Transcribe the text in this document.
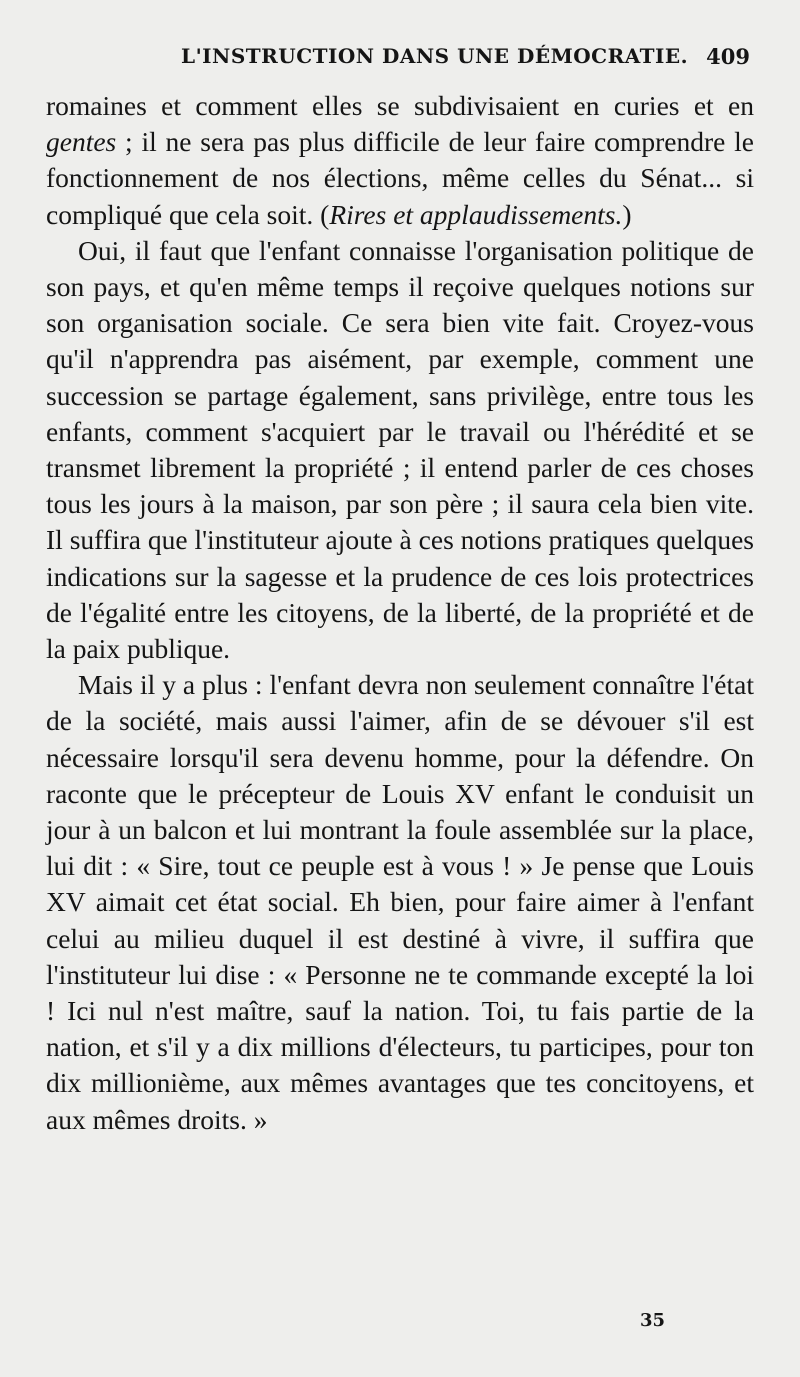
L'INSTRUCTION DANS UNE DÉMOCRATIE. 409

romaines et comment elles se subdivisaient en curies et en gentes ; il ne sera pas plus difficile de leur faire comprendre le fonctionnement de nos élections, même celles du Sénat... si compliqué que cela soit. (Rires et applaudissements.)

Oui, il faut que l'enfant connaisse l'organisation politique de son pays, et qu'en même temps il reçoive quelques notions sur son organisation sociale. Ce sera bien vite fait. Croyez-vous qu'il n'apprendra pas aisément, par exemple, comment une succession se partage également, sans privilège, entre tous les enfants, comment s'acquiert par le travail ou l'hérédité et se transmet librement la propriété ; il entend parler de ces choses tous les jours à la maison, par son père ; il saura cela bien vite. Il suffira que l'instituteur ajoute à ces notions pratiques quelques indications sur la sagesse et la prudence de ces lois protectrices de l'égalité entre les citoyens, de la liberté, de la propriété et de la paix publique.

Mais il y a plus : l'enfant devra non seulement connaître l'état de la société, mais aussi l'aimer, afin de se dévouer s'il est nécessaire lorsqu'il sera devenu homme, pour la défendre. On raconte que le précepteur de Louis XV enfant le conduisit un jour à un balcon et lui montrant la foule assemblée sur la place, lui dit : « Sire, tout ce peuple est à vous ! » Je pense que Louis XV aimait cet état social. Eh bien, pour faire aimer à l'enfant celui au milieu duquel il est destiné à vivre, il suffira que l'instituteur lui dise : « Personne ne te commande excepté la loi ! Ici nul n'est maître, sauf la nation. Toi, tu fais partie de la nation, et s'il y a dix millions d'électeurs, tu participes, pour ton dix millionième, aux mêmes avantages que tes concitoyens, et aux mêmes droits. »

35
